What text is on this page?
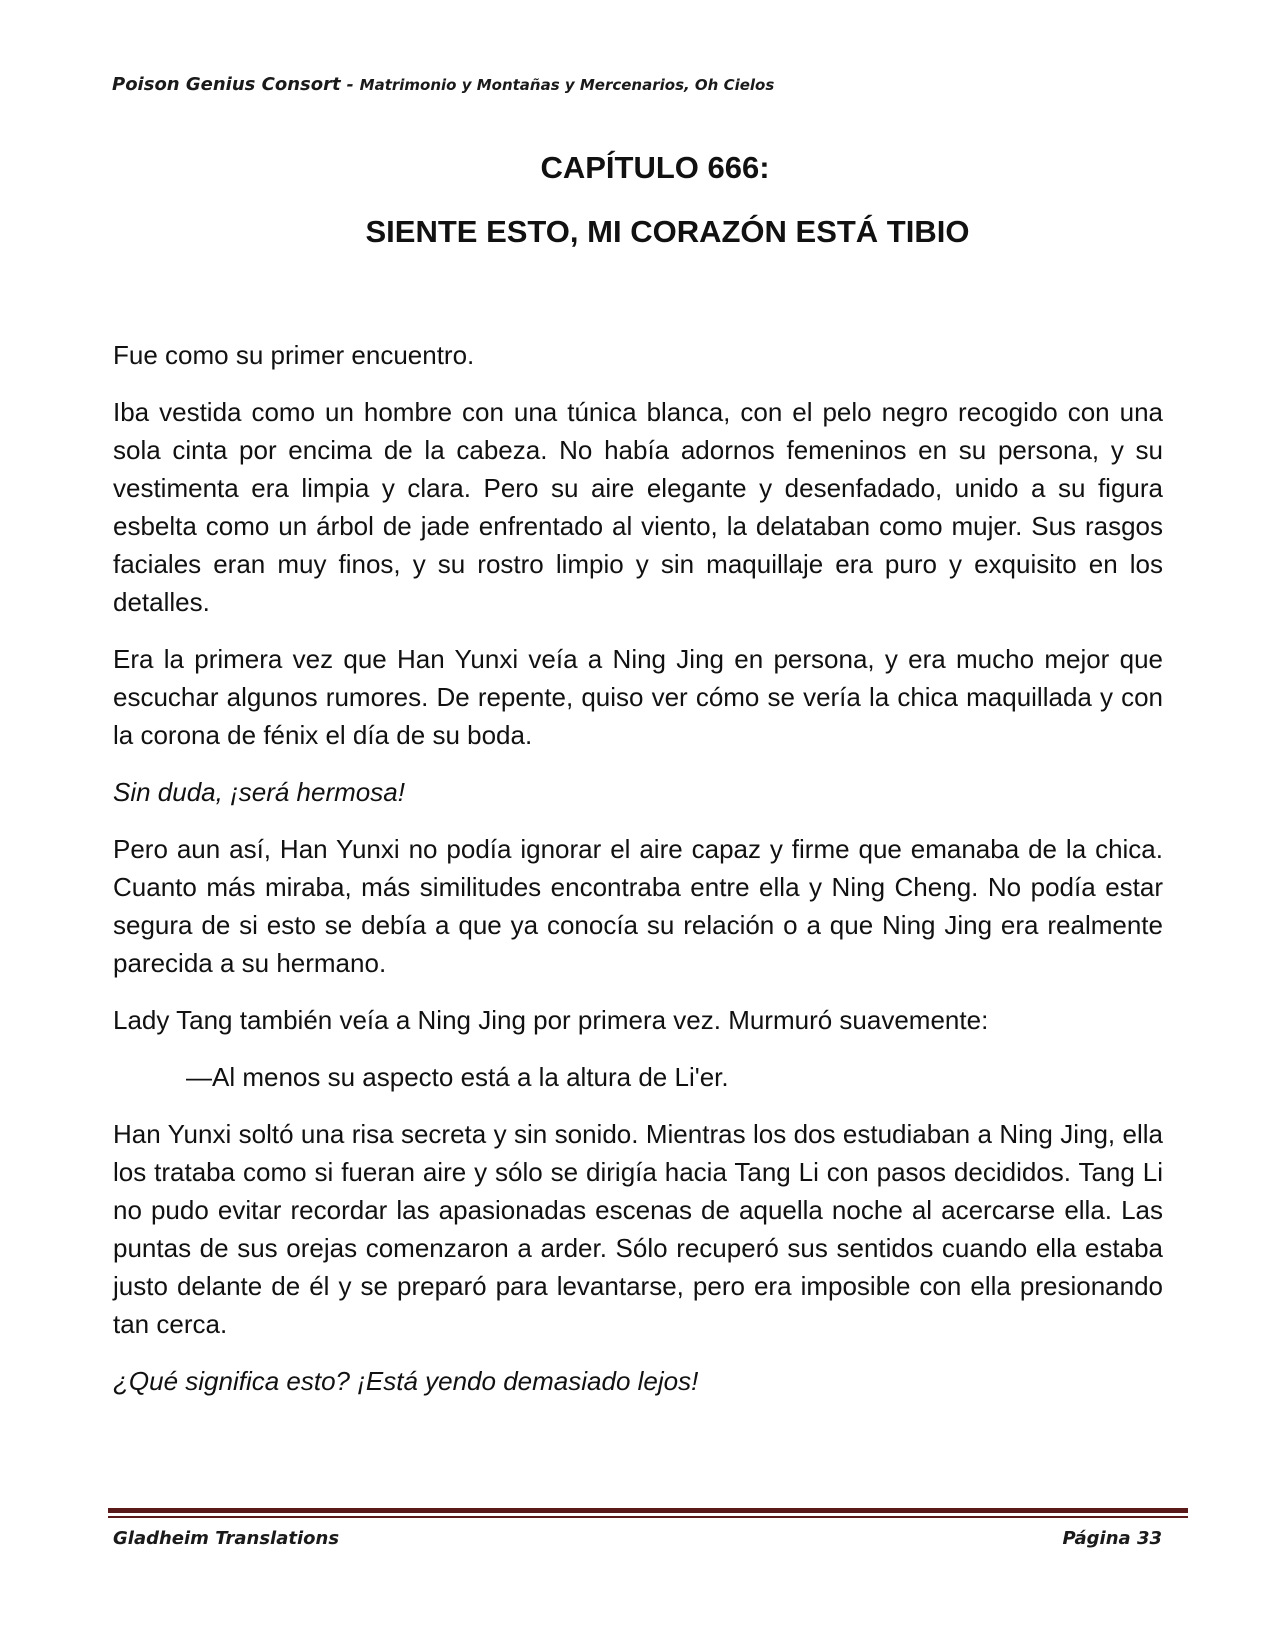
Poison Genius Consort - Matrimonio y Montañas y Mercenarios, Oh Cielos
CAPÍTULO 666:
SIENTE ESTO, MI CORAZÓN ESTÁ TIBIO

Fue como su primer encuentro.

Iba vestida como un hombre con una túnica blanca, con el pelo negro recogido con una sola cinta por encima de la cabeza. No había adornos femeninos en su persona, y su vestimenta era limpia y clara. Pero su aire elegante y desenfadado, unido a su figura esbelta como un árbol de jade enfrentado al viento, la delataban como mujer. Sus rasgos faciales eran muy finos, y su rostro limpio y sin maquillaje era puro y exquisito en los detalles.

Era la primera vez que Han Yunxi veía a Ning Jing en persona, y era mucho mejor que escuchar algunos rumores. De repente, quiso ver cómo se vería la chica maquillada y con la corona de fénix el día de su boda.

Sin duda, ¡será hermosa!

Pero aun así, Han Yunxi no podía ignorar el aire capaz y firme que emanaba de la chica. Cuanto más miraba, más similitudes encontraba entre ella y Ning Cheng. No podía estar segura de si esto se debía a que ya conocía su relación o a que Ning Jing era realmente parecida a su hermano.

Lady Tang también veía a Ning Jing por primera vez. Murmuró suavemente:

—Al menos su aspecto está a la altura de Li'er.

Han Yunxi soltó una risa secreta y sin sonido. Mientras los dos estudiaban a Ning Jing, ella los trataba como si fueran aire y sólo se dirigía hacia Tang Li con pasos decididos. Tang Li no pudo evitar recordar las apasionadas escenas de aquella noche al acercarse ella. Las puntas de sus orejas comenzaron a arder. Sólo recuperó sus sentidos cuando ella estaba justo delante de él y se preparó para levantarse, pero era imposible con ella presionando tan cerca.

¿Qué significa esto? ¡Está yendo demasiado lejos!

Gladheim Translations	Página 33
